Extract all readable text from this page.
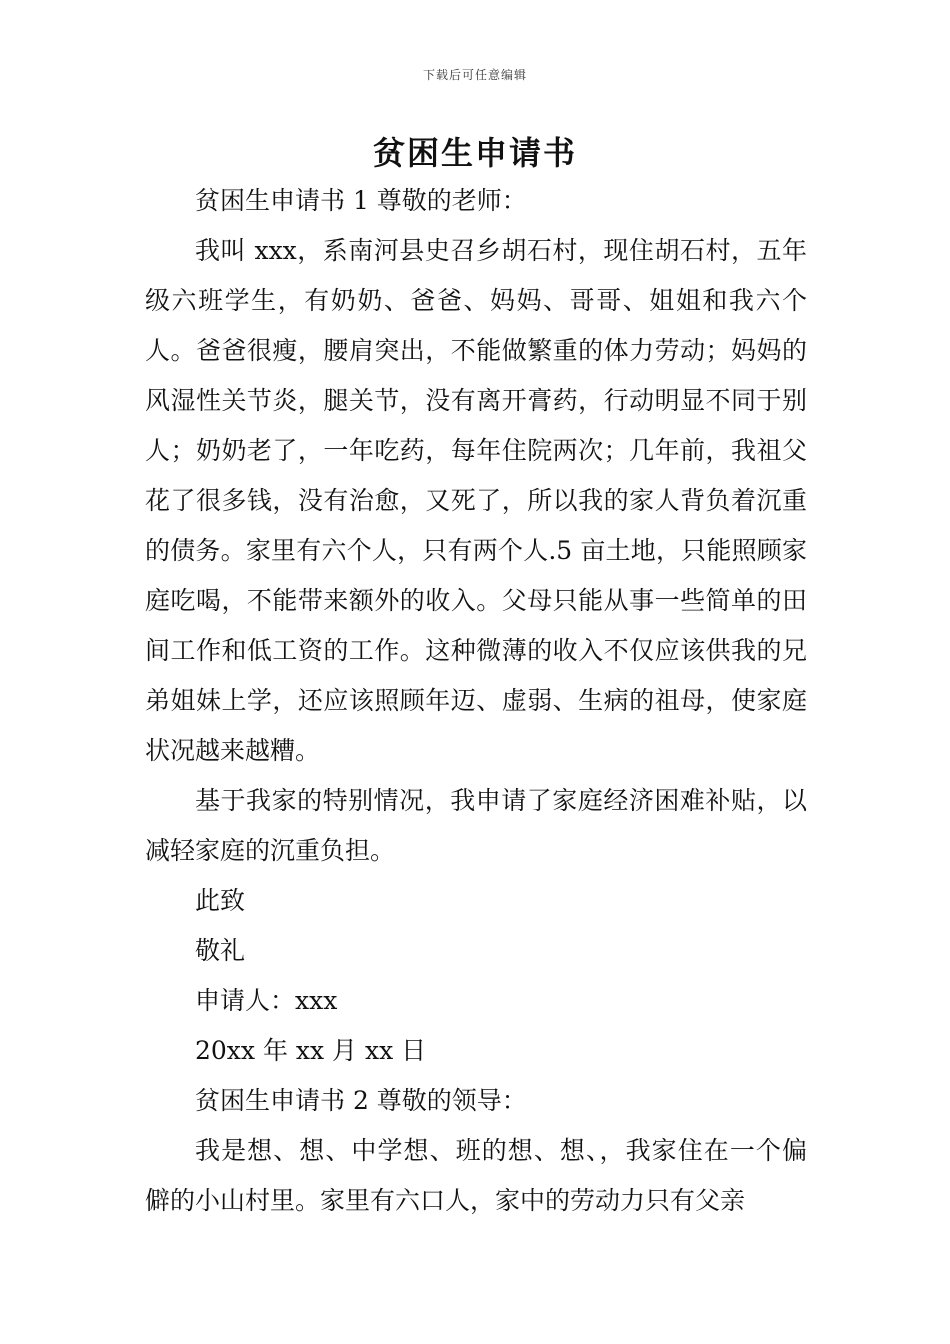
下载后可任意编辑
贫困生申请书

贫困生申请书 1 尊敬的老师：

我叫 xxx，系南河县史召乡胡石村，现住胡石村，五年级六班学生，有奶奶、爸爸、妈妈、哥哥、姐姐和我六个人。爸爸很瘦，腰肩突出，不能做繁重的体力劳动；妈妈的风湿性关节炎，腿关节，没有离开膏药，行动明显不同于别人；奶奶老了，一年吃药，每年住院两次；几年前，我祖父花了很多钱，没有治愈，又死了，所以我的家人背负着沉重的债务。家里有六个人，只有两个人.5 亩土地，只能照顾家庭吃喝，不能带来额外的收入。父母只能从事一些简单的田间工作和低工资的工作。这种微薄的收入不仅应该供我的兄弟姐妹上学，还应该照顾年迈、虚弱、生病的祖母，使家庭状况越来越糟。

基于我家的特别情况，我申请了家庭经济困难补贴，以减轻家庭的沉重负担。

此致

敬礼

申请人：xxx

20xx 年 xx 月 xx 日

贫困生申请书 2 尊敬的领导：

我是想、想、中学想、班的想、想、，我家住在一个偏僻的小山村里。家里有六口人，家中的劳动力只有父亲
